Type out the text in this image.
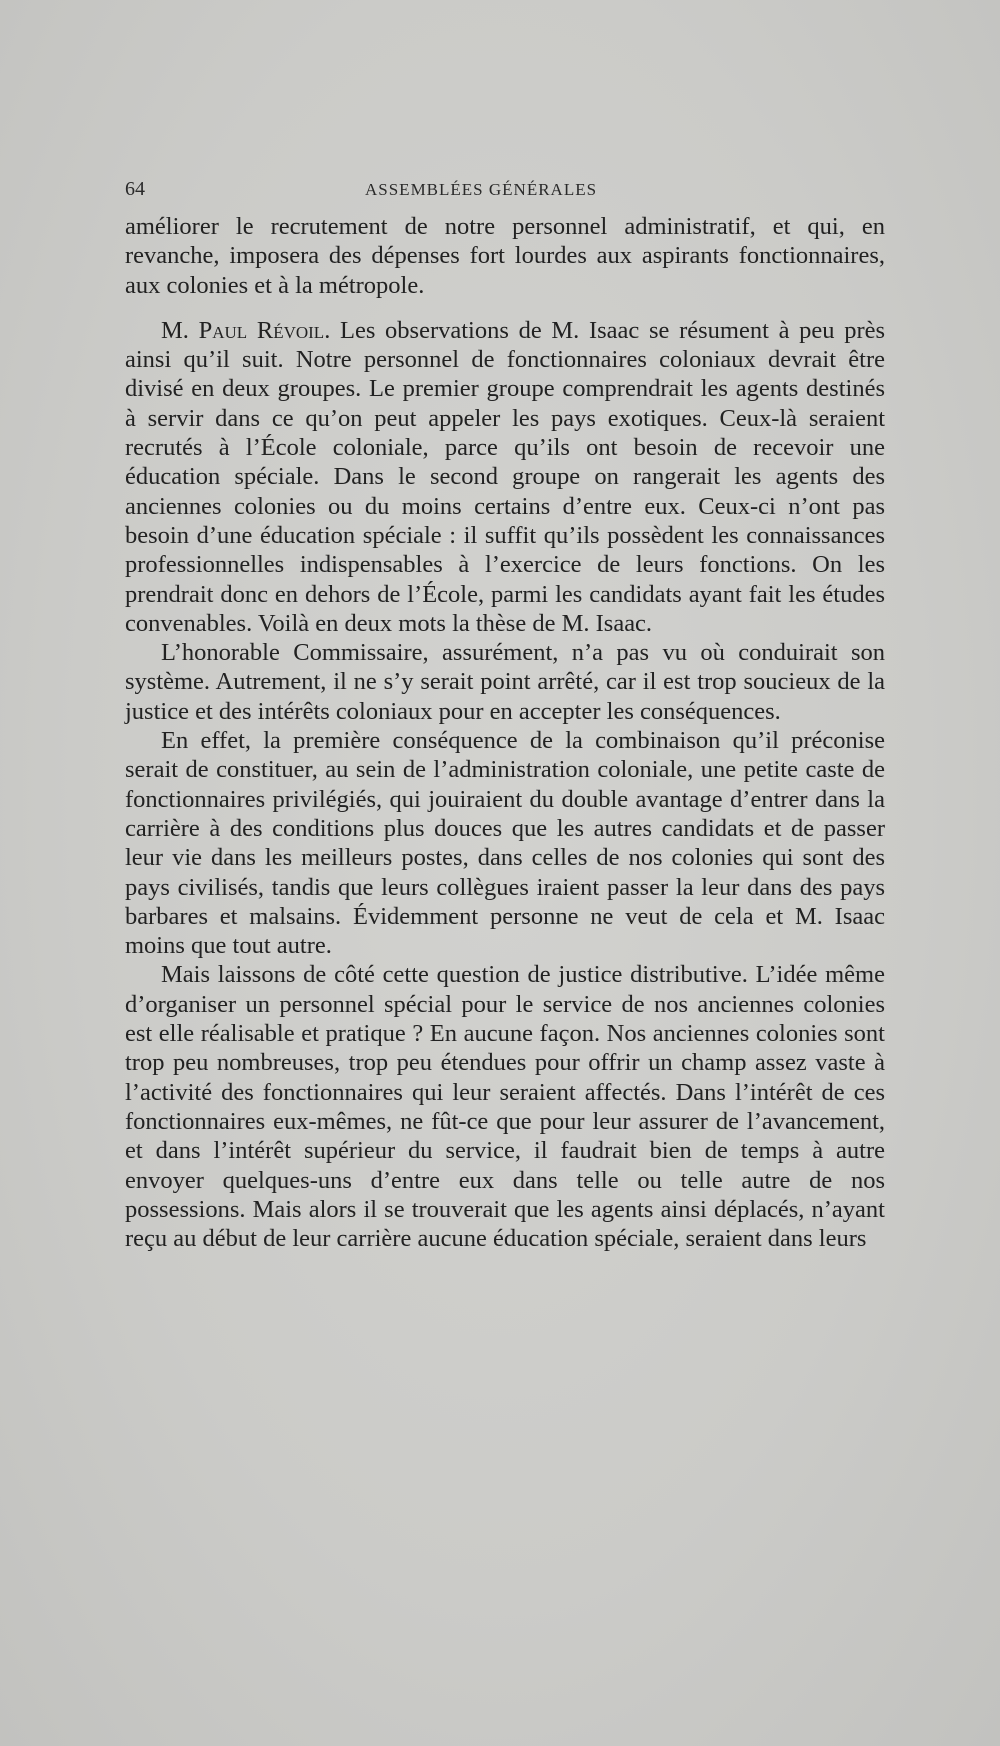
64	ASSEMBLÉES GÉNÉRALES

améliorer le recrutement de notre personnel administratif, et qui, en revanche, imposera des dépenses fort lourdes aux aspirants fonctionnaires, aux colonies et à la métropole.

M. Paul Révoil. Les observations de M. Isaac se résument à peu près ainsi qu’il suit. Notre personnel de fonctionnaires coloniaux devrait être divisé en deux groupes. Le premier groupe comprendrait les agents destinés à servir dans ce qu’on peut appeler les pays exotiques. Ceux-là seraient recrutés à l’École coloniale, parce qu’ils ont besoin de recevoir une éducation spéciale. Dans le second groupe on rangerait les agents des anciennes colonies ou du moins certains d’entre eux. Ceux-ci n’ont pas besoin d’une éducation spéciale : il suffit qu’ils possèdent les connaissances professionnelles indispensables à l’exercice de leurs fonctions. On les prendrait donc en dehors de l’École, parmi les candidats ayant fait les études convenables. Voilà en deux mots la thèse de M. Isaac.

L’honorable Commissaire, assurément, n’a pas vu où conduirait son système. Autrement, il ne s’y serait point arrêté, car il est trop soucieux de la justice et des intérêts coloniaux pour en accepter les conséquences.

En effet, la première conséquence de la combinaison qu’il préconise serait de constituer, au sein de l’administration coloniale, une petite caste de fonctionnaires privilégiés, qui jouiraient du double avantage d’entrer dans la carrière à des conditions plus douces que les autres candidats et de passer leur vie dans les meilleurs postes, dans celles de nos colonies qui sont des pays civilisés, tandis que leurs collègues iraient passer la leur dans des pays barbares et malsains. Évidemment personne ne veut de cela et M. Isaac moins que tout autre.

Mais laissons de côté cette question de justice distributive. L’idée même d’organiser un personnel spécial pour le service de nos anciennes colonies est elle réalisable et pratique ? En aucune façon. Nos anciennes colonies sont trop peu nombreuses, trop peu étendues pour offrir un champ assez vaste à l’activité des fonctionnaires qui leur seraient affectés. Dans l’intérêt de ces fonctionnaires eux-mêmes, ne fût-ce que pour leur assurer de l’avancement, et dans l’intérêt supérieur du service, il faudrait bien de temps à autre envoyer quelques-uns d’entre eux dans telle ou telle autre de nos possessions. Mais alors il se trouverait que les agents ainsi déplacés, n’ayant reçu au début de leur carrière aucune éducation spéciale, seraient dans leurs
